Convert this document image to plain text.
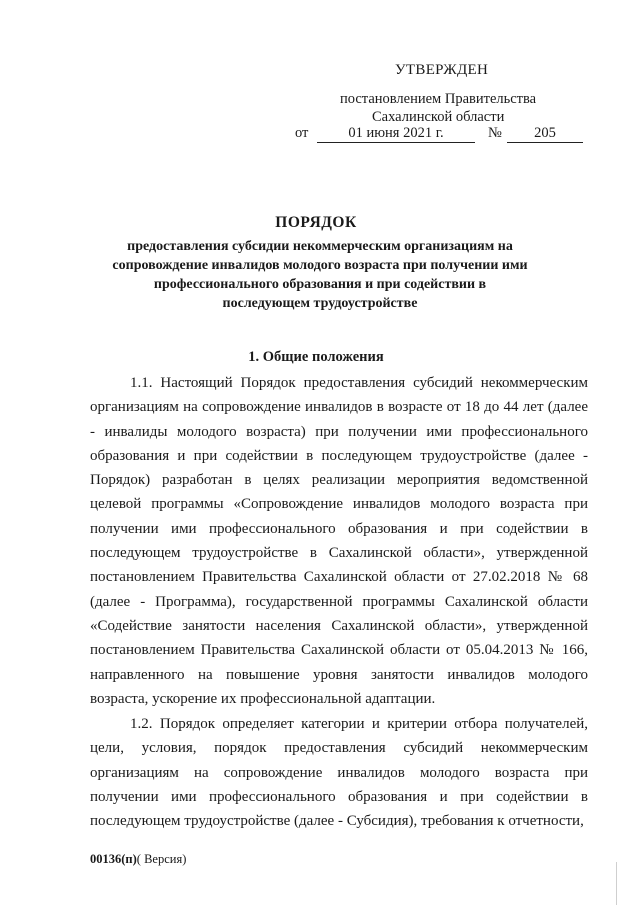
УТВЕРЖДЕН
постановлением Правительства
Сахалинской области
от	01 июня 2021 г.	№	205
ПОРЯДОК
предоставления субсидии некоммерческим организациям на сопровождение инвалидов молодого возраста при получении ими профессионального образования и при содействии в последующем трудоустройстве
1. Общие положения

1.1. Настоящий Порядок предоставления субсидий некоммерческим организациям на сопровождение инвалидов в возрасте от 18 до 44 лет (далее - инвалиды молодого возраста) при получении ими профессионального образования и при содействии в последующем трудоустройстве (далее - Порядок) разработан в целях реализации мероприятия ведомственной целевой программы «Сопровождение инвалидов молодого возраста при получении ими профессионального образования и при содействии в последующем трудоустройстве в Сахалинской области», утвержденной постановлением Правительства Сахалинской области от 27.02.2018 № 68 (далее - Программа), государственной программы Сахалинской области «Содействие занятости населения Сахалинской области», утвержденной постановлением Правительства Сахалинской области от 05.04.2013 № 166, направленного на повышение уровня занятости инвалидов молодого возраста, ускорение их профессиональной адаптации.

1.2. Порядок определяет категории и критерии отбора получателей, цели, условия, порядок предоставления субсидий некоммерческим организациям на сопровождение инвалидов молодого возраста при получении ими профессионального образования и при содействии в последующем трудоустройстве (далее - Субсидия), требования к отчетности,

00136(п)( Версия)
